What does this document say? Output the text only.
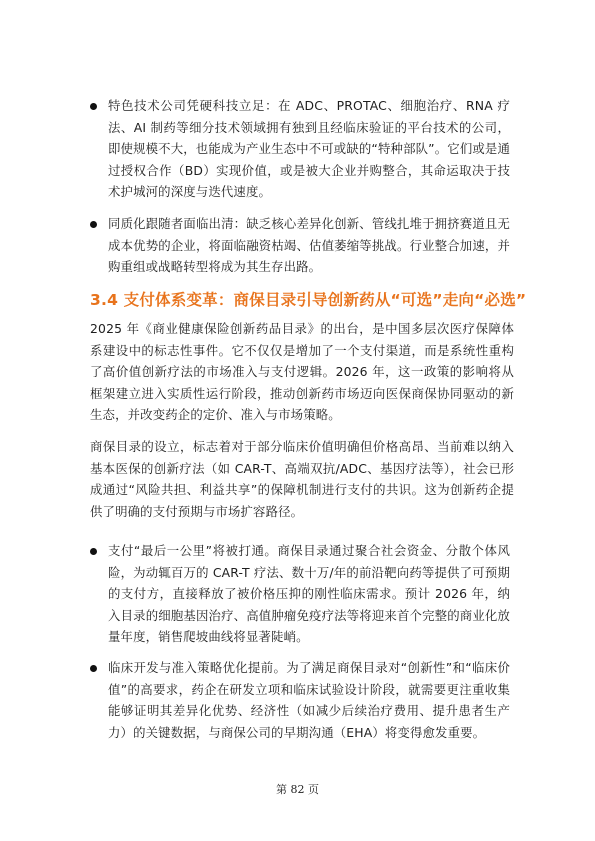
特色技术公司凭硬科技立足：在 ADC、PROTAC、细胞治疗、RNA 疗法、AI 制药等细分技术领域拥有独到且经临床验证的平台技术的公司，即使规模不大，也能成为产业生态中不可或缺的“特种部队”。它们或是通过授权合作（BD）实现价值，或是被大企业并购整合，其命运取决于技术护城河的深度与迭代速度。
同质化跟随者面临出清：缺乏核心差异化创新、管线扎堆于拥挤赛道且无成本优势的企业，将面临融资枯竭、估值萎缩等挑战。行业整合加速，并购重组或战略转型将成为其生存出路。
3.4 支付体系变革：商保目录引导创新药从“可选”走向“必选”
2025 年《商业健康保险创新药品目录》的出台，是中国多层次医疗保障体系建设中的标志性事件。它不仅仅是增加了一个支付渠道，而是系统性重构了高价值创新疗法的市场准入与支付逻辑。2026 年，这一政策的影响将从框架建立进入实质性运行阶段，推动创新药市场迈向医保商保协同驱动的新生态，并改变药企的定价、准入与市场策略。
商保目录的设立，标志着对于部分临床价值明确但价格高昂、当前难以纳入基本医保的创新疗法（如 CAR-T、高端双抗/ADC、基因疗法等），社会已形成通过“风险共担、利益共享”的保障机制进行支付的共识。这为创新药企提供了明确的支付预期与市场扩容路径。
支付“最后一公里”将被打通。商保目录通过聚合社会资金、分散个体风险，为动辄百万的 CAR-T 疗法、数十万/年的前沿靶向药等提供了可预期的支付方，直接释放了被价格压抑的刚性临床需求。预计 2026 年，纳入目录的细胞基因治疗、高值肿瘤免疫疗法等将迎来首个完整的商业化放量年度，销售爬坡曲线将显著陡峭。
临床开发与准入策略优化提前。为了满足商保目录对“创新性”和“临床价值”的高要求，药企在研发立项和临床试验设计阶段，就需要更注重收集能够证明其差异化优势、经济性（如减少后续治疗费用、提升患者生产力）的关键数据，与商保公司的早期沟通（EHA）将变得愈发重要。
第 82 页
